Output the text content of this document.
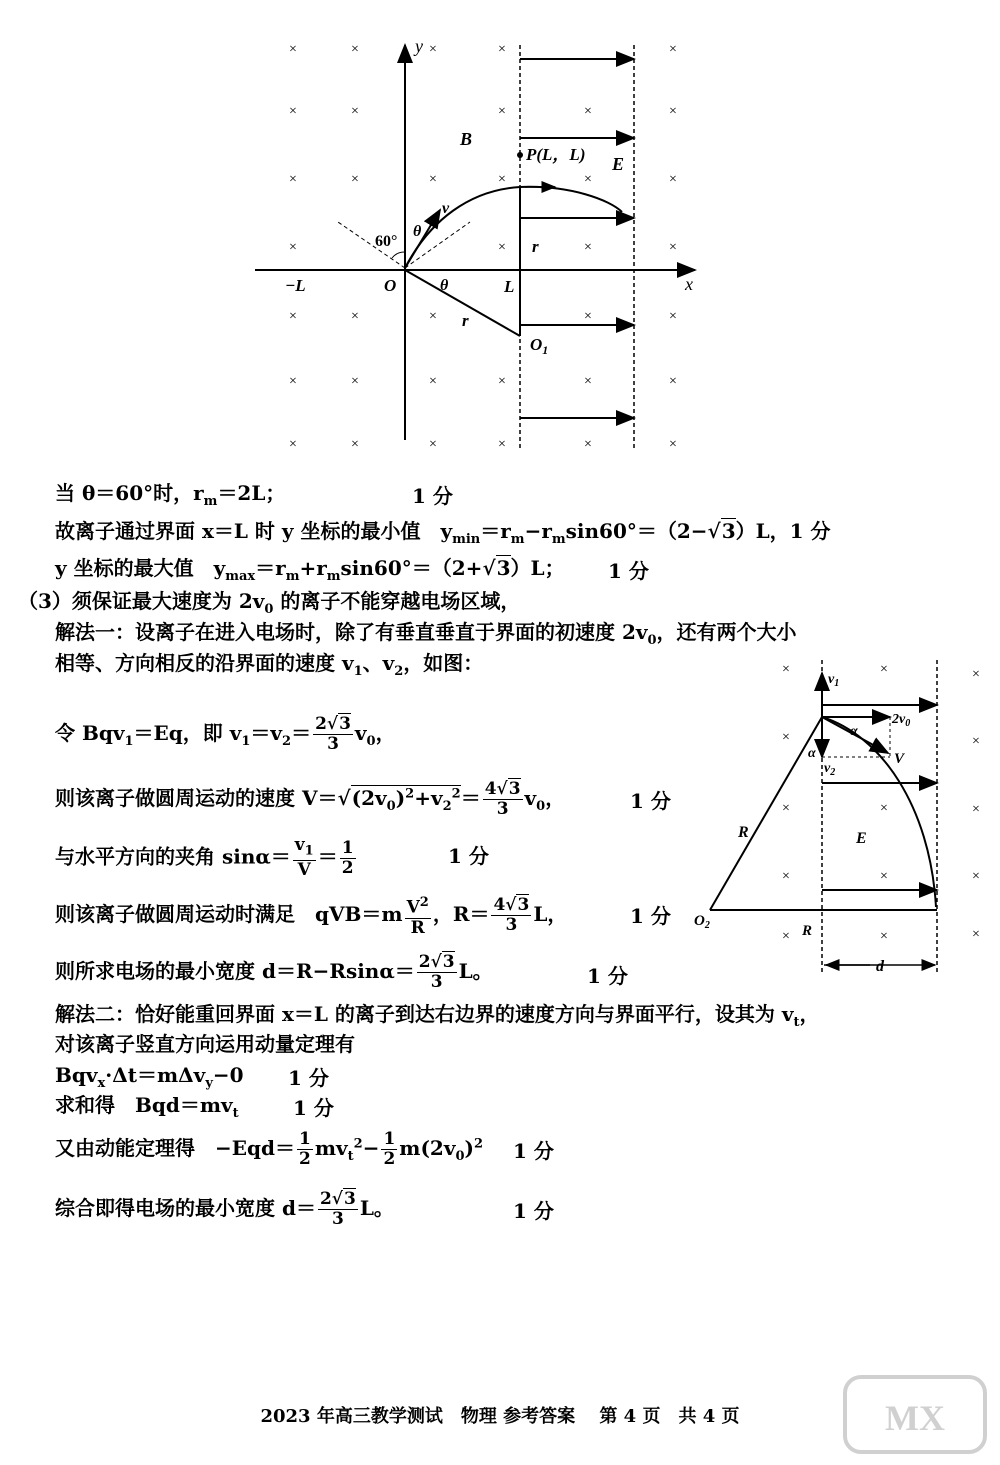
×	×	×	×	×
×	×	×	×
×	×	×	×	×
×	×	×
×
×	×	×	×	×
×	×	×	×	×	×
×	×	×	×	×	×
×
×
y
x
B
E
P(L，L)
v
θ
60°
−L	O	θ	L
r
r
$O_1$
当 θ＝60°时，$r_m=2L$；	1 分
故离子通过界面 x＝L 时 y 坐标的最小值　$y_{min}=r_m-r_m\sin 60^\circ=(2-√3)L$，1 分
y 坐标的最大值　$y_{max}=r_m+r_m\sin 60^\circ=(2+√3)L$； 1 分
（3）须保证最大速度为 $2v_0$ 的离子不能穿越电场区域，
解法一：设离子在进入电场时，除了有垂直垂直于界面的初速度 $2v_0$，还有两个大小
相等、方向相反的沿界面的速度 $v_1$、$v_2$，如图：
令 Bqv$_1$＝Eq，即 $v_1=v_2= \frac{2√3}{3} v_0$，
则该离子做圆周运动的速度 $V=√(2v_0)^2+v_2^2= \frac{4√3}{3} v_0$，	1 分
与水平方向的夹角 $\sin\alpha= \frac{v_1}{V} = \frac{1}{2}$	1 分
则该离子做圆周运动时满足　$qVB=m \frac{V^2}{R}$ ，$R= \frac{4√3}{3}$ L，	1 分
则所求电场的最小宽度 $d=R-Rsin\alpha= \frac{2√3}{3}$ L。	1 分
解法二：恰好能重回界面 x＝L 的离子到达右边界的速度方向与界面平行，设其为 $v_t$，
对该离子竖直方向运用动量定理有
Bqv$_x$·Δt＝mΔv$_y$−0 1 分
求和得　$Bqd=mv_t$	1 分
又由动能定理得　$-Eqd= \frac{1}{2} mv_t^2- \frac{1}{2} m(2v_0)^2$ 1 分
综合即得电场的最小宽度 $d= \frac{2√3}{3}$ L。	1 分
×	×	×
×	×
×	×	×
×	×	×
×	×	×
$v_1$
$2v_0$
α
α	V
$v_2$
R	E
$O_2$	R
d
2023 年高三教学测试　物理 参考答案　 第 4 页　共 4 页	MX
